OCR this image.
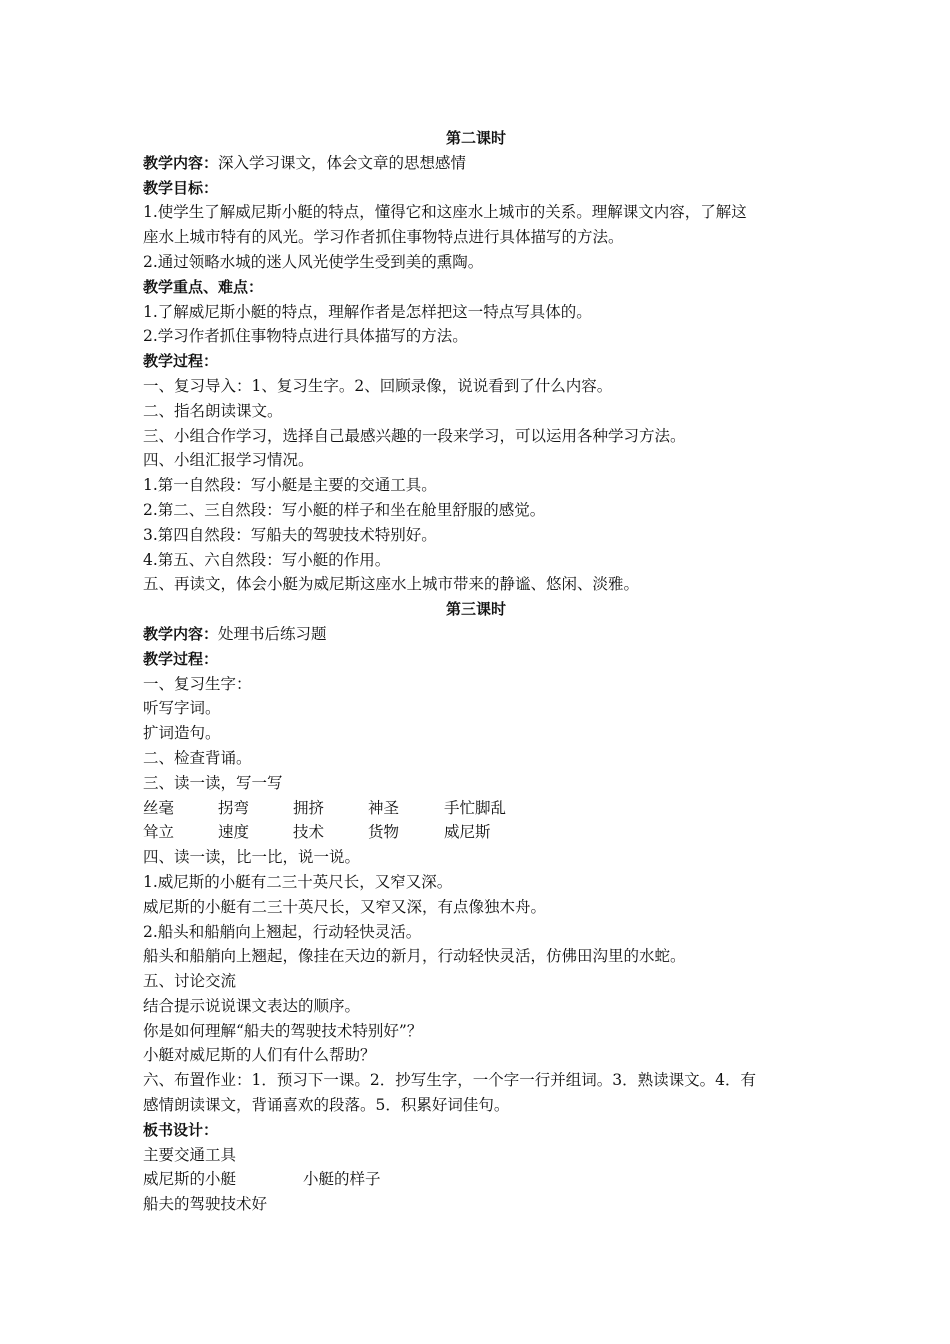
第二课时
教学内容：深入学习课文，体会文章的思想感情
教学目标：
1.使学生了解威尼斯小艇的特点，懂得它和这座水上城市的关系。理解课文内容，了解这
座水上城市特有的风光。学习作者抓住事物特点进行具体描写的方法。
2.通过领略水城的迷人风光使学生受到美的熏陶。
教学重点、难点：
1.了解威尼斯小艇的特点，理解作者是怎样把这一特点写具体的。
2.学习作者抓住事物特点进行具体描写的方法。
教学过程：
一、复习导入：1、复习生字。2、回顾录像，说说看到了什么内容。
二、指名朗读课文。
三、小组合作学习，选择自己最感兴趣的一段来学习，可以运用各种学习方法。
四、小组汇报学习情况。
1.第一自然段：写小艇是主要的交通工具。
2.第二、三自然段：写小艇的样子和坐在舱里舒服的感觉。
3.第四自然段：写船夫的驾驶技术特别好。
4.第五、六自然段：写小艇的作用。
五、再读文，体会小艇为威尼斯这座水上城市带来的静谧、悠闲、淡雅。
第三课时
教学内容：处理书后练习题
教学过程：
一、复习生字：
听写字词。
扩词造句。
二、检查背诵。
三、读一读，写一写
丝毫	拐弯	拥挤	神圣	手忙脚乱
耸立	速度	技术	货物	威尼斯
四、读一读，比一比，说一说。
1.威尼斯的小艇有二三十英尺长，又窄又深。
威尼斯的小艇有二三十英尺长，又窄又深，有点像独木舟。
2.船头和船艄向上翘起，行动轻快灵活。
船头和船艄向上翘起，像挂在天边的新月，行动轻快灵活，仿佛田沟里的水蛇。
五、讨论交流
结合提示说说课文表达的顺序。
你是如何理解“船夫的驾驶技术特别好”？
小艇对威尼斯的人们有什么帮助？
六、布置作业：1．预习下一课。2．抄写生字，一个字一行并组词。3．熟读课文。4．有
感情朗读课文，背诵喜欢的段落。5．积累好词佳句。
板书设计：
主要交通工具
威尼斯的小艇	小艇的样子
船夫的驾驶技术好
